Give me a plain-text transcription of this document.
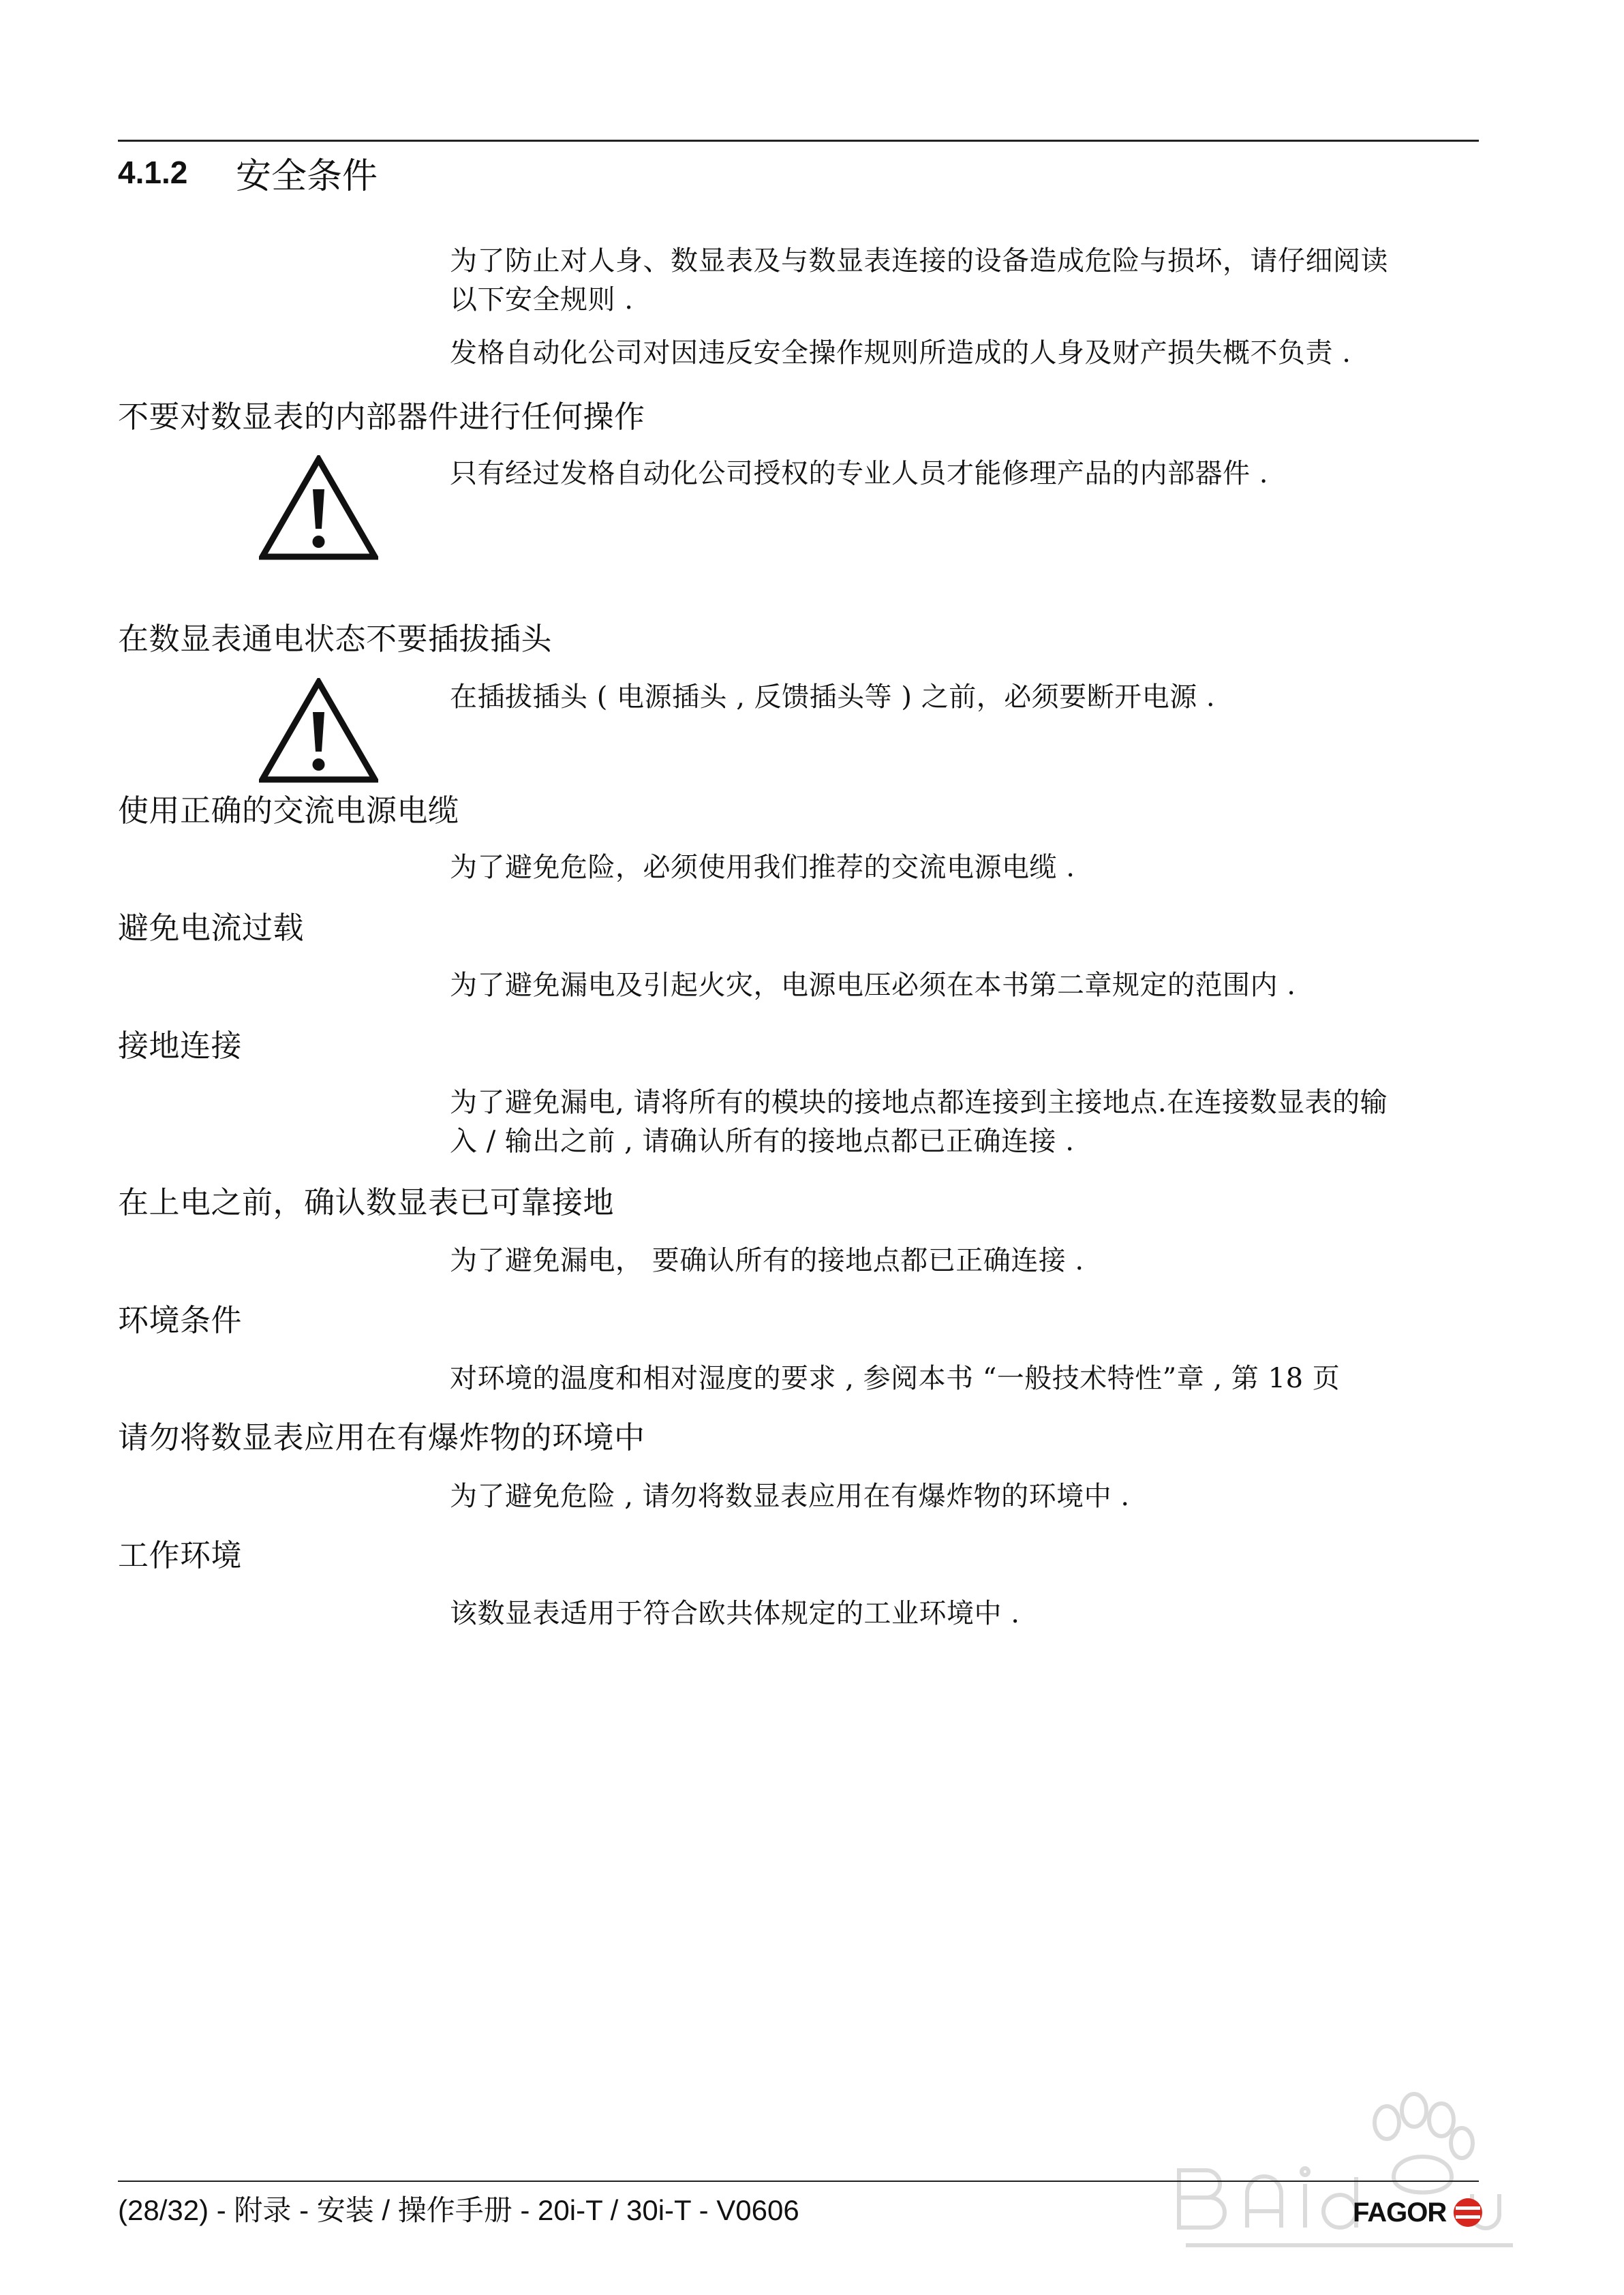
4.1.2	安全条件
为了防止对人身、数显表及与数显表连接的设备造成危险与损坏，请仔细阅读
以下安全规则 .
发格自动化公司对因违反安全操作规则所造成的人身及财产损失概不负责 .
不要对数显表的内部器件进行任何操作
只有经过发格自动化公司授权的专业人员才能修理产品的内部器件 .
在数显表通电状态不要插拔插头
在插拔插头 ( 电源插头 , 反馈插头等 ) 之前，必须要断开电源 .
使用正确的交流电源电缆
为了避免危险，必须使用我们推荐的交流电源电缆 .
避免电流过载
为了避免漏电及引起火灾，电源电压必须在本书第二章规定的范围内 .
接地连接
为了避免漏电, 请将所有的模块的接地点都连接到主接地点.在连接数显表的输
入 / 输出之前 , 请确认所有的接地点都已正确连接 .
在上电之前，确认数显表已可靠接地
为了避免漏电， 要确认所有的接地点都已正确连接 .
环境条件
对环境的温度和相对湿度的要求 , 参阅本书 “一般技术特性”章 , 第 18 页
请勿将数显表应用在有爆炸物的环境中
为了避免危险 , 请勿将数显表应用在有爆炸物的环境中 .
工作环境
该数显表适用于符合欧共体规定的工业环境中 .
(28/32) - 附录 - 安装 / 操作手册 - 20i-T / 30i-T - V0606	FAGOR
